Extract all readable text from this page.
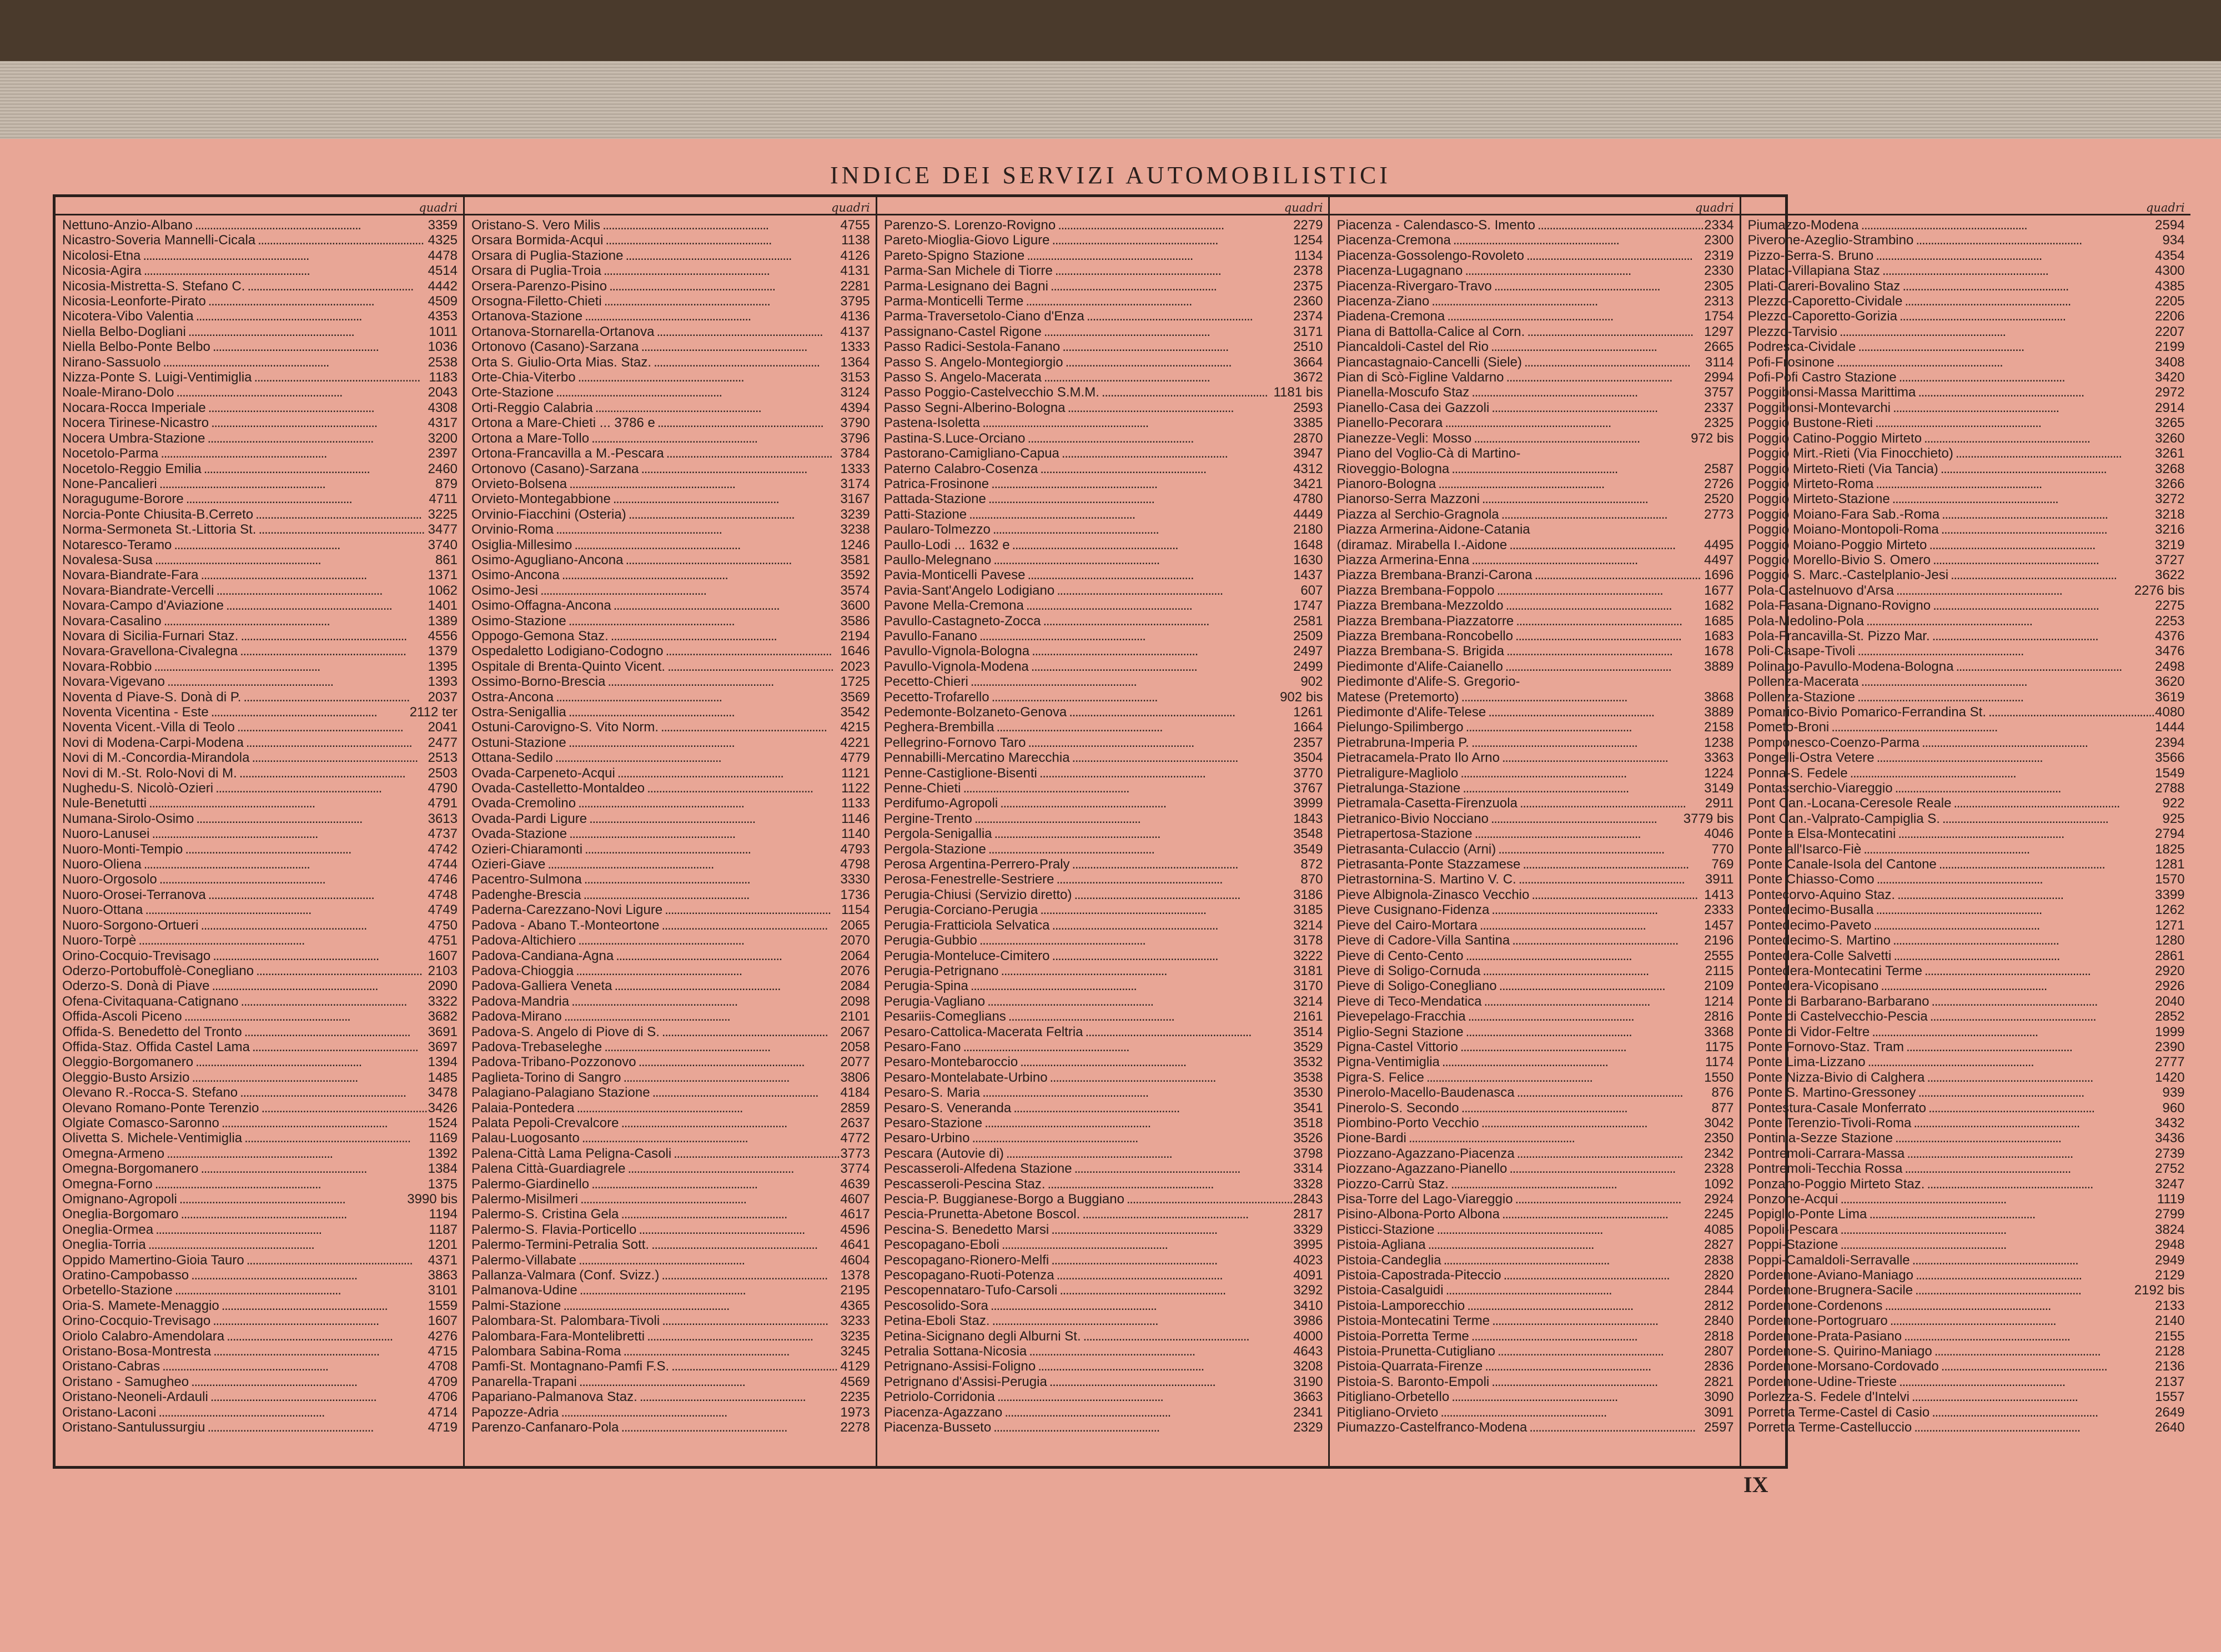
INDICE DEI SERVIZI AUTOMOBILISTICI
quadri
Nettuno-Anzio-Albano . . .	3359
Nicastro-Soveria Mannelli-Cicala . . .	4325
Nicolosi-Etna . . .	4478
Nicosia-Agira . . .	4514
Nicosia-Mistretta-S. Stefano C. . . .	4442
Nicosia-Leonforte-Pirato . . .	4509
Nicotera-Vibo Valentia . . .	4353
Niella Belbo-Dogliani . . .	1011
Niella Belbo-Ponte Belbo . . .	1036
Nirano-Sassuolo . . .	2538
Nizza-Ponte S. Luigi-Ventimiglia . . .	1183
Noale-Mirano-Dolo . . .	2043
Nocara-Rocca Imperiale . . .	4308
Nocera Tirinese-Nicastro . . .	4317
Nocera Umbra-Stazione . . .	3200
Nocetolo-Parma . . .	2397
Nocetolo-Reggio Emilia . . .	2460
None-Pancalieri . . .	879
Noragugume-Borore . . .	4711
Norcia-Ponte Chiusita-B.Cerreto . . .	3225
Norma-Sermoneta St.-Littoria St. . . .	3477
Notaresco-Teramo . . .	3740
Novalesa-Susa . . .	861
Novara-Biandrate-Fara . . .	1371
Novara-Biandrate-Vercelli . . .	1062
Novara-Campo d'Aviazione . . .	1401
Novara-Casalino . . .	1389
Novara di Sicilia-Furnari Staz. . . .	4556
Novara-Gravellona-Civalegna . . .	1379
Novara-Robbio . . .	1395
Novara-Vigevano . . .	1393
Noventa d Piave-S. Donà di P. . . .	2037
Noventa Vicentina - Este . . .	2112 ter
Noventa Vicent.-Villa di Teolo . . .	2041
Novi di Modena-Carpi-Modena . . .	2477
Novi di M.-Concordia-Mirandola . . .	2513
Novi di M.-St. Rolo-Novi di M. . . .	2503
Nughedu-S. Nicolò-Ozieri . . .	4790
Nule-Benetutti . . .	4791
Numana-Sirolo-Osimo . . .	3613
Nuoro-Lanusei . . .	4737
Nuoro-Monti-Tempio . . .	4742
Nuoro-Oliena . . .	4744
Nuoro-Orgosolo . . .	4746
Nuoro-Orosei-Terranova . . .	4748
Nuoro-Ottana . . .	4749
Nuoro-Sorgono-Ortueri . . .	4750
Nuoro-Torpè . . .	4751
Orino-Cocquio-Trevisago . . .	1607
Oderzo-Portobuffolè-Conegliano . . .	2103
Oderzo-S. Donà di Piave . . .	2090
Ofena-Civitaquana-Catignano . . .	3322
Offida-Ascoli Piceno . . .	3682
Offida-S. Benedetto del Tronto . . .	3691
Offida-Staz. Offida Castel Lama . . .	3697
Oleggio-Borgomanero . . .	1394
Oleggio-Busto Arsizio . . .	1485
Olevano R.-Rocca-S. Stefano . . .	3478
Olevano Romano-Ponte Terenzio . . .	3426
Olgiate Comasco-Saronno . . .	1524
Olivetta S. Michele-Ventimiglia . . .	1169
Omegna-Armeno . . .	1392
Omegna-Borgomanero . . .	1384
Omegna-Forno . . .	1375
Omignano-Agropoli . . .	3990 bis
Oneglia-Borgomaro . . .	1194
Oneglia-Ormea . . .	1187
Oneglia-Torria . . .	1201
Oppido Mamertino-Gioia Tauro . . .	4371
Oratino-Campobasso . . .	3863
Orbetello-Stazione . . .	3101
Oria-S. Mamete-Menaggio . . .	1559
Orino-Cocquio-Trevisago . . .	1607
Oriolo Calabro-Amendolara . . .	4276
Oristano-Bosa-Montresta . . .	4715
Oristano-Cabras . . .	4708
Oristano - Samugheo . . .	4709
Oristano-Neoneli-Ardauli . . .	4706
Oristano-Laconi . . .	4714
Oristano-Santulussurgiu . . .	4719
quadri
Oristano-S. Vero Milis . . .	4755
Orsara Bormida-Acqui . . .	1138
Orsara di Puglia-Stazione . . .	4126
Orsara di Puglia-Troia . . .	4131
Orsera-Parenzo-Pisino . . .	2281
Orsogna-Filetto-Chieti . . .	3795
Ortanova-Stazione . . .	4136
Ortanova-Stornarella-Ortanova . . .	4137
Ortonovo (Casano)-Sarzana . . .	1333
Orta S. Giulio-Orta Mias. Staz. . . .	1364
Orte-Chia-Viterbo . . .	3153
Orte-Stazione . . .	3124
Orti-Reggio Calabria . . .	4394
Ortona a Mare-Chieti ... 3786 e . . .	3790
Ortona a Mare-Tollo . . .	3796
Ortona-Francavilla a M.-Pescara . . .	3784
Ortonovo (Casano)-Sarzana . . .	1333
Orvieto-Bolsena . . .	3174
Orvieto-Montegabbione . . .	3167
Orvinio-Fiacchini (Osteria) . . .	3239
Orvinio-Roma . . .	3238
Osiglia-Millesimo . . .	1246
Osimo-Agugliano-Ancona . . .	3581
Osimo-Ancona . . .	3592
Osimo-Jesi . . .	3574
Osimo-Offagna-Ancona . . .	3600
Osimo-Stazione . . .	3586
Oppogo-Gemona Staz. . . .	2194
Ospedaletto Lodigiano-Codogno . . .	1646
Ospitale di Brenta-Quinto Vicent. . . .	2023
Ossimo-Borno-Brescia . . .	1725
Ostra-Ancona . . .	3569
Ostra-Senigallia . . .	3542
Ostuni-Carovigno-S. Vito Norm. . . .	4215
Ostuni-Stazione . . .	4221
Ottana-Sedilo . . .	4779
Ovada-Carpeneto-Acqui . . .	1121
Ovada-Castelletto-Montaldeo . . .	1122
Ovada-Cremolino . . .	1133
Ovada-Pardi Ligure . . .	1146
Ovada-Stazione . . .	1140
Ozieri-Chiaramonti . . .	4793
Ozieri-Giave . . .	4798
Pacentro-Sulmona . . .	3330
Padenghe-Brescia . . .	1736
Paderna-Carezzano-Novi Ligure . . .	1154
Padova - Abano T.-Monteortone . . .	2065
Padova-Altichiero . . .	2070
Padova-Candiana-Agna . . .	2064
Padova-Chioggia . . .	2076
Padova-Galliera Veneta . . .	2084
Padova-Mandria . . .	2098
Padova-Mirano . . .	2101
Padova-S. Angelo di Piove di S. . . .	2067
Padova-Trebaseleghe . . .	2058
Padova-Tribano-Pozzonovo . . .	2077
Paglieta-Torino di Sangro . . .	3806
Palagiano-Palagiano Stazione . . .	4184
Palaia-Pontedera . . .	2859
Palata Pepoli-Crevalcore . . .	2637
Palau-Luogosanto . . .	4772
Palena-Città Lama Peligna-Casoli . . .	3773
Palena Città-Guardiagrele . . .	3774
Palermo-Giardinello . . .	4639
Palermo-Misilmeri . . .	4607
Palermo-S. Cristina Gela . . .	4617
Palermo-S. Flavia-Porticello . . .	4596
Palermo-Termini-Petralia Sott. . . .	4641
Palermo-Villabate . . .	4604
Pallanza-Valmara (Conf. Svizz.) . . .	1378
Palmanova-Udine . . .	2195
Palmi-Stazione . . .	4365
Palombara-St. Palombara-Tivoli . . .	3233
Palombara-Fara-Montelibretti . . .	3235
Palombara Sabina-Roma . . .	3245
Pamfi-St. Montagnano-Pamfi F.S. . . .	4129
Panarella-Trapani . . .	4569
Papariano-Palmanova Staz. . . .	2235
Papozze-Adria . . .	1973
Parenzo-Canfanaro-Pola . . .	2278
quadri
Parenzo-S. Lorenzo-Rovigno . . .	2279
Pareto-Mioglia-Giovo Ligure . . .	1254
Pareto-Spigno Stazione . . .	1134
Parma-San Michele di Tiorre . . .	2378
Parma-Lesignano dei Bagni . . .	2375
Parma-Monticelli Terme . . .	2360
Parma-Traversetolo-Ciano d'Enza . . .	2374
Passignano-Castel Rigone . . .	3171
Passo Radici-Sestola-Fanano . . .	2510
Passo S. Angelo-Montegiorgio . . .	3664
Passo S. Angelo-Macerata . . .	3672
Passo Poggio-Castelvecchio S.M.M. . . .	1181 bis
Passo Segni-Alberino-Bologna . . .	2593
Pastena-Isoletta . . .	3385
Pastina-S.Luce-Orciano . . .	2870
Pastorano-Camigliano-Capua . . .	3947
Paterno Calabro-Cosenza . . .	4312
Patrica-Frosinone . . .	3421
Pattada-Stazione . . .	4780
Patti-Stazione . . .	4449
Paularo-Tolmezzo . . .	2180
Paullo-Lodi ... 1632 e . . .	1648
Paullo-Melegnano . . .	1630
Pavia-Monticelli Pavese . . .	1437
Pavia-Sant'Angelo Lodigiano . . .	607
Pavone Mella-Cremona . . .	1747
Pavullo-Castagneto-Zocca . . .	2581
Pavullo-Fanano . . .	2509
Pavullo-Vignola-Bologna . . .	2497
Pavullo-Vignola-Modena . . .	2499
Pecetto-Chieri . . .	902
Pecetto-Trofarello . . .	902 bis
Pedemonte-Bolzaneto-Genova . . .	1261
Peghera-Brembilla . . .	1664
Pellegrino-Fornovo Taro . . .	2357
Pennabilli-Mercatino Marecchia . . .	3504
Penne-Castiglione-Bisenti . . .	3770
Penne-Chieti . . .	3767
Perdifumo-Agropoli . . .	3999
Pergine-Trento . . .	1843
Pergola-Senigallia . . .	3548
Pergola-Stazione . . .	3549
Perosa Argentina-Perrero-Praly . . .	872
Perosa-Fenestrelle-Sestriere . . .	870
Perugia-Chiusi (Servizio diretto) . . .	3186
Perugia-Corciano-Perugia . . .	3185
Perugia-Fratticiola Selvatica . . .	3214
Perugia-Gubbio . . .	3178
Perugia-Monteluce-Cimitero . . .	3222
Perugia-Petrignano . . .	3181
Perugia-Spina . . .	3170
Perugia-Vagliano . . .	3214
Pesariis-Comeglians . . .	2161
Pesaro-Cattolica-Macerata Feltria . . .	3514
Pesaro-Fano . . .	3529
Pesaro-Montebaroccio . . .	3532
Pesaro-Montelabate-Urbino . . .	3538
Pesaro-S. Maria . . .	3530
Pesaro-S. Veneranda . . .	3541
Pesaro-Stazione . . .	3518
Pesaro-Urbino . . .	3526
Pescara (Autovie di) . . .	3798
Pescasseroli-Alfedena Stazione . . .	3314
Pescasseroli-Pescina Staz. . . .	3328
Pescia-P. Buggianese-Borgo a Buggiano . . .	2843
Pescia-Prunetta-Abetone Boscol. . . .	2817
Pescina-S. Benedetto Marsi . . .	3329
Pescopagano-Eboli . . .	3995
Pescopagano-Rionero-Melfi . . .	4023
Pescopagano-Ruoti-Potenza . . .	4091
Pescopennataro-Tufo-Carsoli . . .	3292
Pescosolido-Sora . . .	3410
Petina-Eboli Staz. . . .	3986
Petina-Sicignano degli Alburni St. . . .	4000
Petralia Sottana-Nicosia . . .	4643
Petrignano-Assisi-Foligno . . .	3208
Petrignano d'Assisi-Perugia . . .	3190
Petriolo-Corridonia . . .	3663
Piacenza-Agazzano . . .	2341
Piacenza-Busseto . . .	2329
quadri
Piacenza - Calendasco-S. Imento . . .	2334
Piacenza-Cremona . . .	2300
Piacenza-Gossolengo-Rovoleto . . .	2319
Piacenza-Lugagnano . . .	2330
Piacenza-Rivergaro-Travo . . .	2305
Piacenza-Ziano . . .	2313
Piadena-Cremona . . .	1754
Piana di Battolla-Calice al Corn. . . .	1297
Piancaldoli-Castel del Rio . . .	2665
Piancastagnaio-Cancelli (Siele) . . .	3114
Pian di Scò-Figline Valdarno . . .	2994
Pianella-Moscufo Staz . . .	3757
Pianello-Casa dei Gazzoli . . .	2337
Pianello-Pecorara . . .	2325
Pianezze-Vegli: Mosso . . .	972 bis
Piano del Voglio-Cà di Martino-
Rioveggio-Bologna . . .	2587
Pianoro-Bologna . . .	2726
Pianorso-Serra Mazzoni . . .	2520
Piazza al Serchio-Gragnola . . .	2773
Piazza Armerina-Aidone-Catania
(diramaz. Mirabella I.-Aidone . . .	4495
Piazza Armerina-Enna . . .	4497
Piazza Brembana-Branzi-Carona . . .	1696
Piazza Brembana-Foppolo . . .	1677
Piazza Brembana-Mezzoldo . . .	1682
Piazza Brembana-Piazzatorre . . .	1685
Piazza Brembana-Roncobello . . .	1683
Piazza Brembana-S. Brigida . . .	1678
Piedimonte d'Alife-Caianello . . .	3889
Piedimonte d'Alife-S. Gregorio-
Matese (Pretemorto) . . .	3868
Piedimonte d'Alife-Telese . . .	3889
Pielungo-Spilimbergo . . .	2158
Pietrabruna-Imperia P. . . .	1238
Pietracamela-Prato Ilo Arno . . .	3363
Pietraligure-Magliolo . . .	1224
Pietralunga-Stazione . . .	3149
Pietramala-Casetta-Firenzuola . . .	2911
Pietranico-Bivio Nocciano . . .	3779 bis
Pietrapertosa-Stazione . . .	4046
Pietrasanta-Culaccio (Arni) . . .	770
Pietrasanta-Ponte Stazzamese . . .	769
Pietrastornina-S. Martino V. C. . . .	3911
Pieve Albignola-Zinasco Vecchio . . .	1413
Pieve Cusignano-Fidenza . . .	2333
Pieve del Cairo-Mortara . . .	1457
Pieve di Cadore-Villa Santina . . .	2196
Pieve di Cento-Cento . . .	2555
Pieve di Soligo-Cornuda . . .	2115
Pieve di Soligo-Conegliano . . .	2109
Pieve di Teco-Mendatica . . .	1214
Pievepelago-Fracchia . . .	2816
Piglio-Segni Stazione . . .	3368
Pigna-Castel Vittorio . . .	1175
Pigna-Ventimiglia . . .	1174
Pigra-S. Felice . . .	1550
Pinerolo-Macello-Baudenasca . . .	876
Pinerolo-S. Secondo . . .	877
Piombino-Porto Vecchio . . .	3042
Pione-Bardi . . .	2350
Piozzano-Agazzano-Piacenza . . .	2342
Piozzano-Agazzano-Pianello . . .	2328
Piozzo-Carrù Staz. . . .	1092
Pisa-Torre del Lago-Viareggio . . .	2924
Pisino-Albona-Porto Albona . . .	2245
Pisticci-Stazione . . .	4085
Pistoia-Agliana . . .	2827
Pistoia-Candeglia . . .	2838
Pistoia-Capostrada-Piteccio . . .	2820
Pistoia-Casalguidi . . .	2844
Pistoia-Lamporecchio . . .	2812
Pistoia-Montecatini Terme . . .	2840
Pistoia-Porretta Terme . . .	2818
Pistoia-Prunetta-Cutigliano . . .	2807
Pistoia-Quarrata-Firenze . . .	2836
Pistoia-S. Baronto-Empoli . . .	2821
Pitigliano-Orbetello . . .	3090
Pitigliano-Orvieto . . .	3091
Piumazzo-Castelfranco-Modena . . .	2597
quadri
Piumazzo-Modena . . .	2594
Piverone-Azeglio-Strambino . . .	934
Pizzo-Serra-S. Bruno . . .	4354
Plataci-Villapiana Staz . . .	4300
Plati-Careri-Bovalino Staz . . .	4385
Plezzo-Caporetto-Cividale . . .	2205
Plezzo-Caporetto-Gorizia . . .	2206
Plezzo-Tarvisio . . .	2207
Podresca-Cividale . . .	2199
Pofi-Frosinone . . .	3408
Pofi-Pofi Castro Stazione . . .	3420
Poggibonsi-Massa Marittima . . .	2972
Poggibonsi-Montevarchi . . .	2914
Poggio Bustone-Rieti . . .	3265
Poggio Catino-Poggio Mirteto . . .	3260
Poggio Mirt.-Rieti (Via Finocchieto) . . .	3261
Poggio Mirteto-Rieti (Via Tancia) . . .	3268
Poggio Mirteto-Roma . . .	3266
Poggio Mirteto-Stazione . . .	3272
Poggio Moiano-Fara Sab.-Roma . . .	3218
Poggio Moiano-Montopoli-Roma . . .	3216
Poggio Moiano-Poggio Mirteto . . .	3219
Poggio Morello-Bivio S. Omero . . .	3727
Poggio S. Marc.-Castelplanio-Jesi . . .	3622
Pola-Castelnuovo d'Arsa . . .	2276 bis
Pola-Fasana-Dignano-Rovigno . . .	2275
Pola-Medolino-Pola . . .	2253
Pola-Francavilla-St. Pizzo Mar. . . .	4376
Poli-Casape-Tivoli . . .	3476
Polinago-Pavullo-Modena-Bologna . . .	2498
Pollenza-Macerata . . .	3620
Pollenza-Stazione . . .	3619
Pomarico-Bivio Pomarico-Ferrandina St. . . .	4080
Pometo-Broni . . .	1444
Pomponesco-Coenzo-Parma . . .	2394
Pongelli-Ostra Vetere . . .	3566
Ponna-S. Fedele . . .	1549
Pontasserchio-Viareggio . . .	2788
Pont Can.-Locana-Ceresole Reale . . .	922
Pont Can.-Valprato-Campiglia S. . . .	925
Ponte a Elsa-Montecatini . . .	2794
Ponte all'Isarco-Fiè . . .	1825
Ponte Canale-Isola del Cantone . . .	1281
Ponte Chiasso-Como . . .	1570
Pontecorvo-Aquino Staz. . . .	3399
Pontedecimo-Busalla . . .	1262
Pontedecimo-Paveto . . .	1271
Pontedecimo-S. Martino . . .	1280
Pontedera-Colle Salvetti . . .	2861
Pontedera-Montecatini Terme . . .	2920
Pontedera-Vicopisano . . .	2926
Ponte di Barbarano-Barbarano . . .	2040
Ponte di Castelvecchio-Pescia . . .	2852
Ponte di Vidor-Feltre . . .	1999
Ponte Fornovo-Staz. Tram . . .	2390
Ponte Lima-Lizzano . . .	2777
Ponte Nizza-Bivio di Calghera . . .	1420
Ponte S. Martino-Gressoney . . .	939
Pontestura-Casale Monferrato . . .	960
Ponte Terenzio-Tivoli-Roma . . .	3432
Pontinia-Sezze Stazione . . .	3436
Pontremoli-Carrara-Massa . . .	2739
Pontremoli-Tecchia Rossa . . .	2752
Ponzano-Poggio Mirteto Staz. . . .	3247
Ponzone-Acqui . . .	1119
Popiglio-Ponte Lima . . .	2799
Popoli-Pescara . . .	3824
Poppi-Stazione . . .	2948
Poppi-Camaldoli-Serravalle . . .	2949
Pordenone-Aviano-Maniago . . .	2129
Pordenone-Brugnera-Sacile . . .	2192 bis
Pordenone-Cordenons . . .	2133
Pordenone-Portogruaro . . .	2140
Pordenone-Prata-Pasiano . . .	2155
Pordenone-S. Quirino-Maniago . . .	2128
Pordenone-Morsano-Cordovado . . .	2136
Pordenone-Udine-Trieste . . .	2137
Porlezza-S. Fedele d'Intelvi . . .	1557
Porretta Terme-Castel di Casio . . .	2649
Porretta Terme-Castelluccio . . .	2640

IX
